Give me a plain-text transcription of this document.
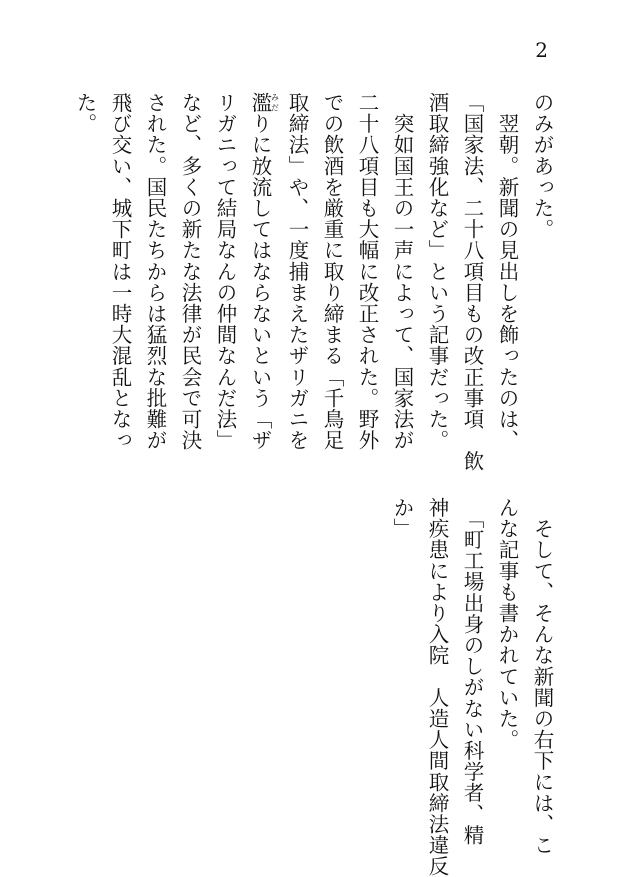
2
のみがあった。
　翌朝。新聞の見出しを飾ったのは、
「国家法、二十八項目もの改正事項　飲
酒取締強化など」という記事だった。
　突如国王の一声によって、国家法が
二十八項目も大幅に改正された。野外
での飲酒を厳重に取り締まる「千鳥足
取締法」や、一度捕まえたザリガニを
濫みだりに放流してはならないという「ザ
リガニって結局なんの仲間なんだ法」
など、多くの新たな法律が民会で可決
された。国民たちからは猛烈な批難が
飛び交い、城下町は一時大混乱となっ
た。
　そして、そんな新聞の右下には、こ
んな記事も書かれていた。
　「町工場出身のしがない科学者、精
神疾患により入院　人造人間取締法違反
か」
